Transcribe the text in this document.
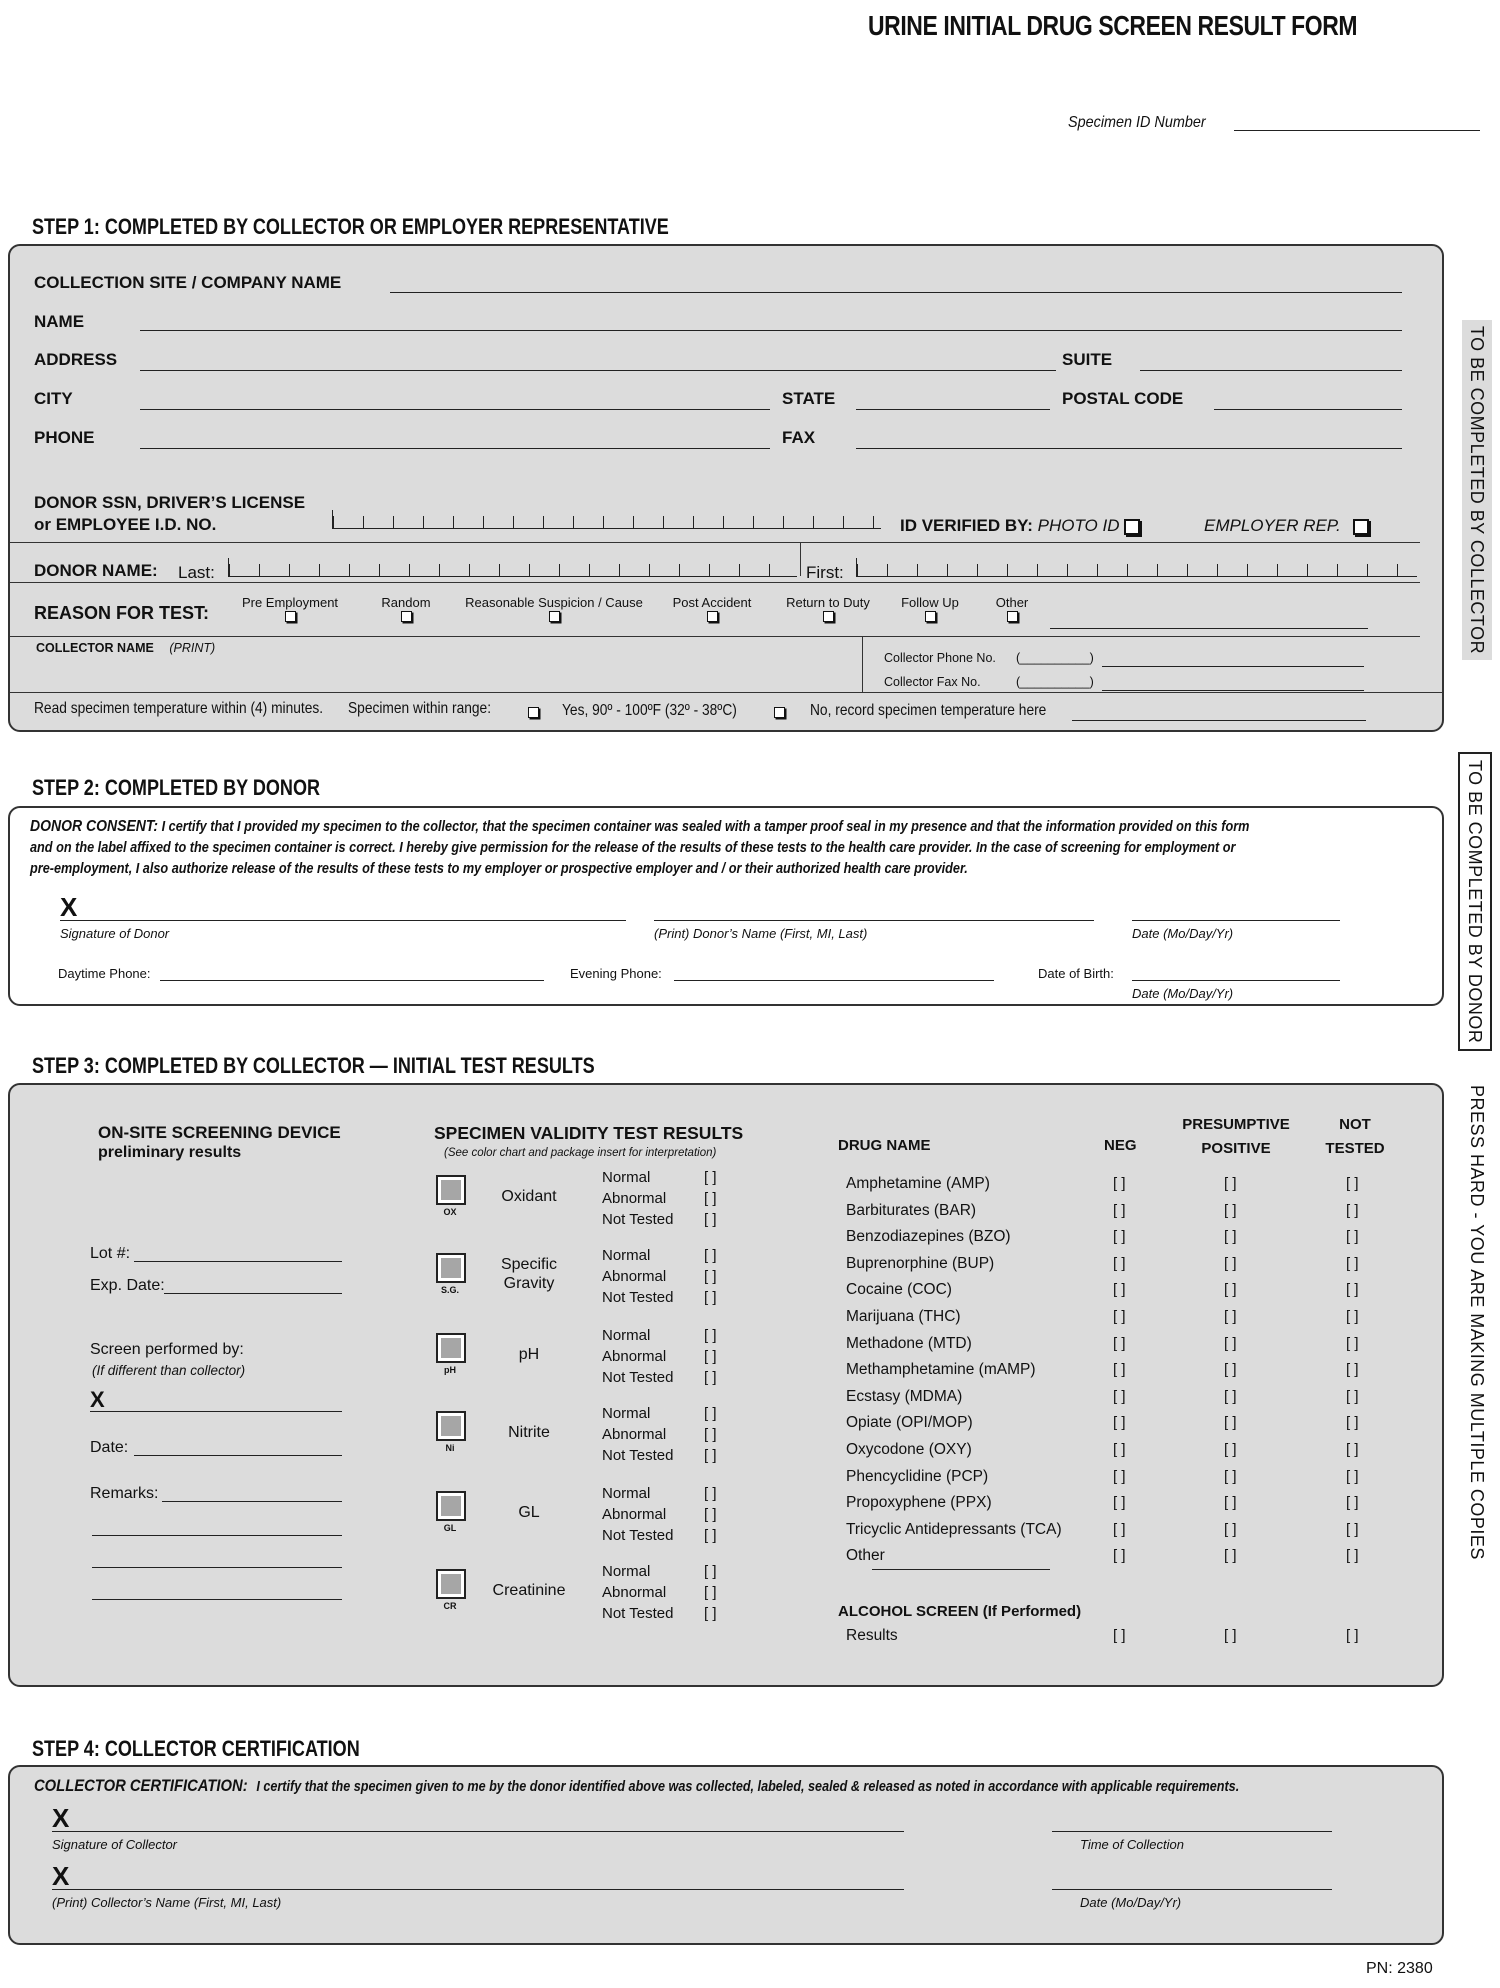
URINE INITIAL DRUG SCREEN RESULT FORM
Specimen ID Number
TO BE COMPLETED BY COLLECTOR
TO BE COMPLETED BY DONOR
PRESS HARD - YOU ARE MAKING MULTIPLE COPIES
STEP 1: COMPLETED BY COLLECTOR OR EMPLOYER REPRESENTATIVE
COLLECTION SITE / COMPANY NAME
NAME
ADDRESS	SUITE
CITY	STATE	POSTAL CODE
PHONE	FAX
DONOR SSN, DRIVER’S LICENSE
or EMPLOYEE I.D. NO.	ID VERIFIED BY: PHOTO ID	EMPLOYER REP.
DONOR NAME: Last:	First:
REASON FOR TEST:
Pre Employment	Random	Reasonable Suspicion / Cause	Post Accident	Return to Duty	Follow Up	Other
COLLECTOR NAME (PRINT)
Collector Phone No. (__________)
Collector Fax No.	(__________)
Read specimen temperature within (4) minutes. Specimen within range:	Yes, 90º - 100ºF (32º - 38ºC)	No, record specimen temperature here
STEP 2: COMPLETED BY DONOR
DONOR CONSENT: I certify that I provided my specimen to the collector, that the specimen container was sealed with a tamper proof seal in my presence and that the information provided on this form
and on the label affixed to the specimen container is correct. I hereby give permission for the release of the results of these tests to the health care provider. In the case of screening for employment or
pre-employment, I also authorize release of the results of these tests to my employer or prospective employer and / or their authorized health care provider.
X
Signature of Donor	(Print) Donor’s Name (First, MI, Last)	Date (Mo/Day/Yr)
Daytime Phone:	Evening Phone:	Date of Birth:
Date (Mo/Day/Yr)
STEP 3: COMPLETED BY COLLECTOR — INITIAL TEST RESULTS
ON-SITE SCREENING DEVICE
preliminary results
Lot #:
Exp. Date:
Screen performed by:
(If different than collector)
X
Date:
Remarks:
SPECIMEN VALIDITY TEST RESULTS
(See color chart and package insert for interpretation)
OX
Oxidant
Normal	[ ]
Abnormal	[ ]
Not Tested [ ]
S.G.
Specific Gravity
Normal	[ ]
Abnormal	[ ]
Not Tested [ ]
pH
pH
Normal	[ ]
Abnormal	[ ]
Not Tested [ ]
Ni
Nitrite
Normal	[ ]
Abnormal	[ ]
Not Tested [ ]
GL
GL
Normal	[ ]
Abnormal	[ ]
Not Tested [ ]
CR
Creatinine
Normal	[ ]
Abnormal	[ ]
Not Tested [ ]
DRUG NAME	NEG
PRESUMPTIVE
POSITIVE
NOT
TESTED
Amphetamine (AMP)	[ ]	[ ]	[ ]
Barbiturates (BAR)	[ ]	[ ]	[ ]
Benzodiazepines (BZO)	[ ]	[ ]	[ ]
Buprenorphine (BUP)	[ ]	[ ]	[ ]
Cocaine (COC)	[ ]	[ ]	[ ]
Marijuana (THC)	[ ]	[ ]	[ ]
Methadone (MTD)	[ ]	[ ]	[ ]
Methamphetamine (mAMP)	[ ]	[ ]	[ ]
Ecstasy (MDMA)	[ ]	[ ]	[ ]
Opiate (OPI/MOP)	[ ]	[ ]	[ ]
Oxycodone (OXY)	[ ]	[ ]	[ ]
Phencyclidine (PCP)	[ ]	[ ]	[ ]
Propoxyphene (PPX)	[ ]	[ ]	[ ]
Tricyclic Antidepressants (TCA)	[ ]	[ ]	[ ]
Other	[ ]	[ ]	[ ]
ALCOHOL SCREEN (If Performed)
Results	[ ]	[ ]	[ ]
STEP 4: COLLECTOR CERTIFICATION
COLLECTOR CERTIFICATION: I certify that the specimen given to me by the donor identified above was collected, labeled, sealed & released as noted in accordance with applicable requirements.
X
Signature of Collector	Time of Collection
X
(Print) Collector’s Name (First, MI, Last)	Date (Mo/Day/Yr)
PN: 2380
